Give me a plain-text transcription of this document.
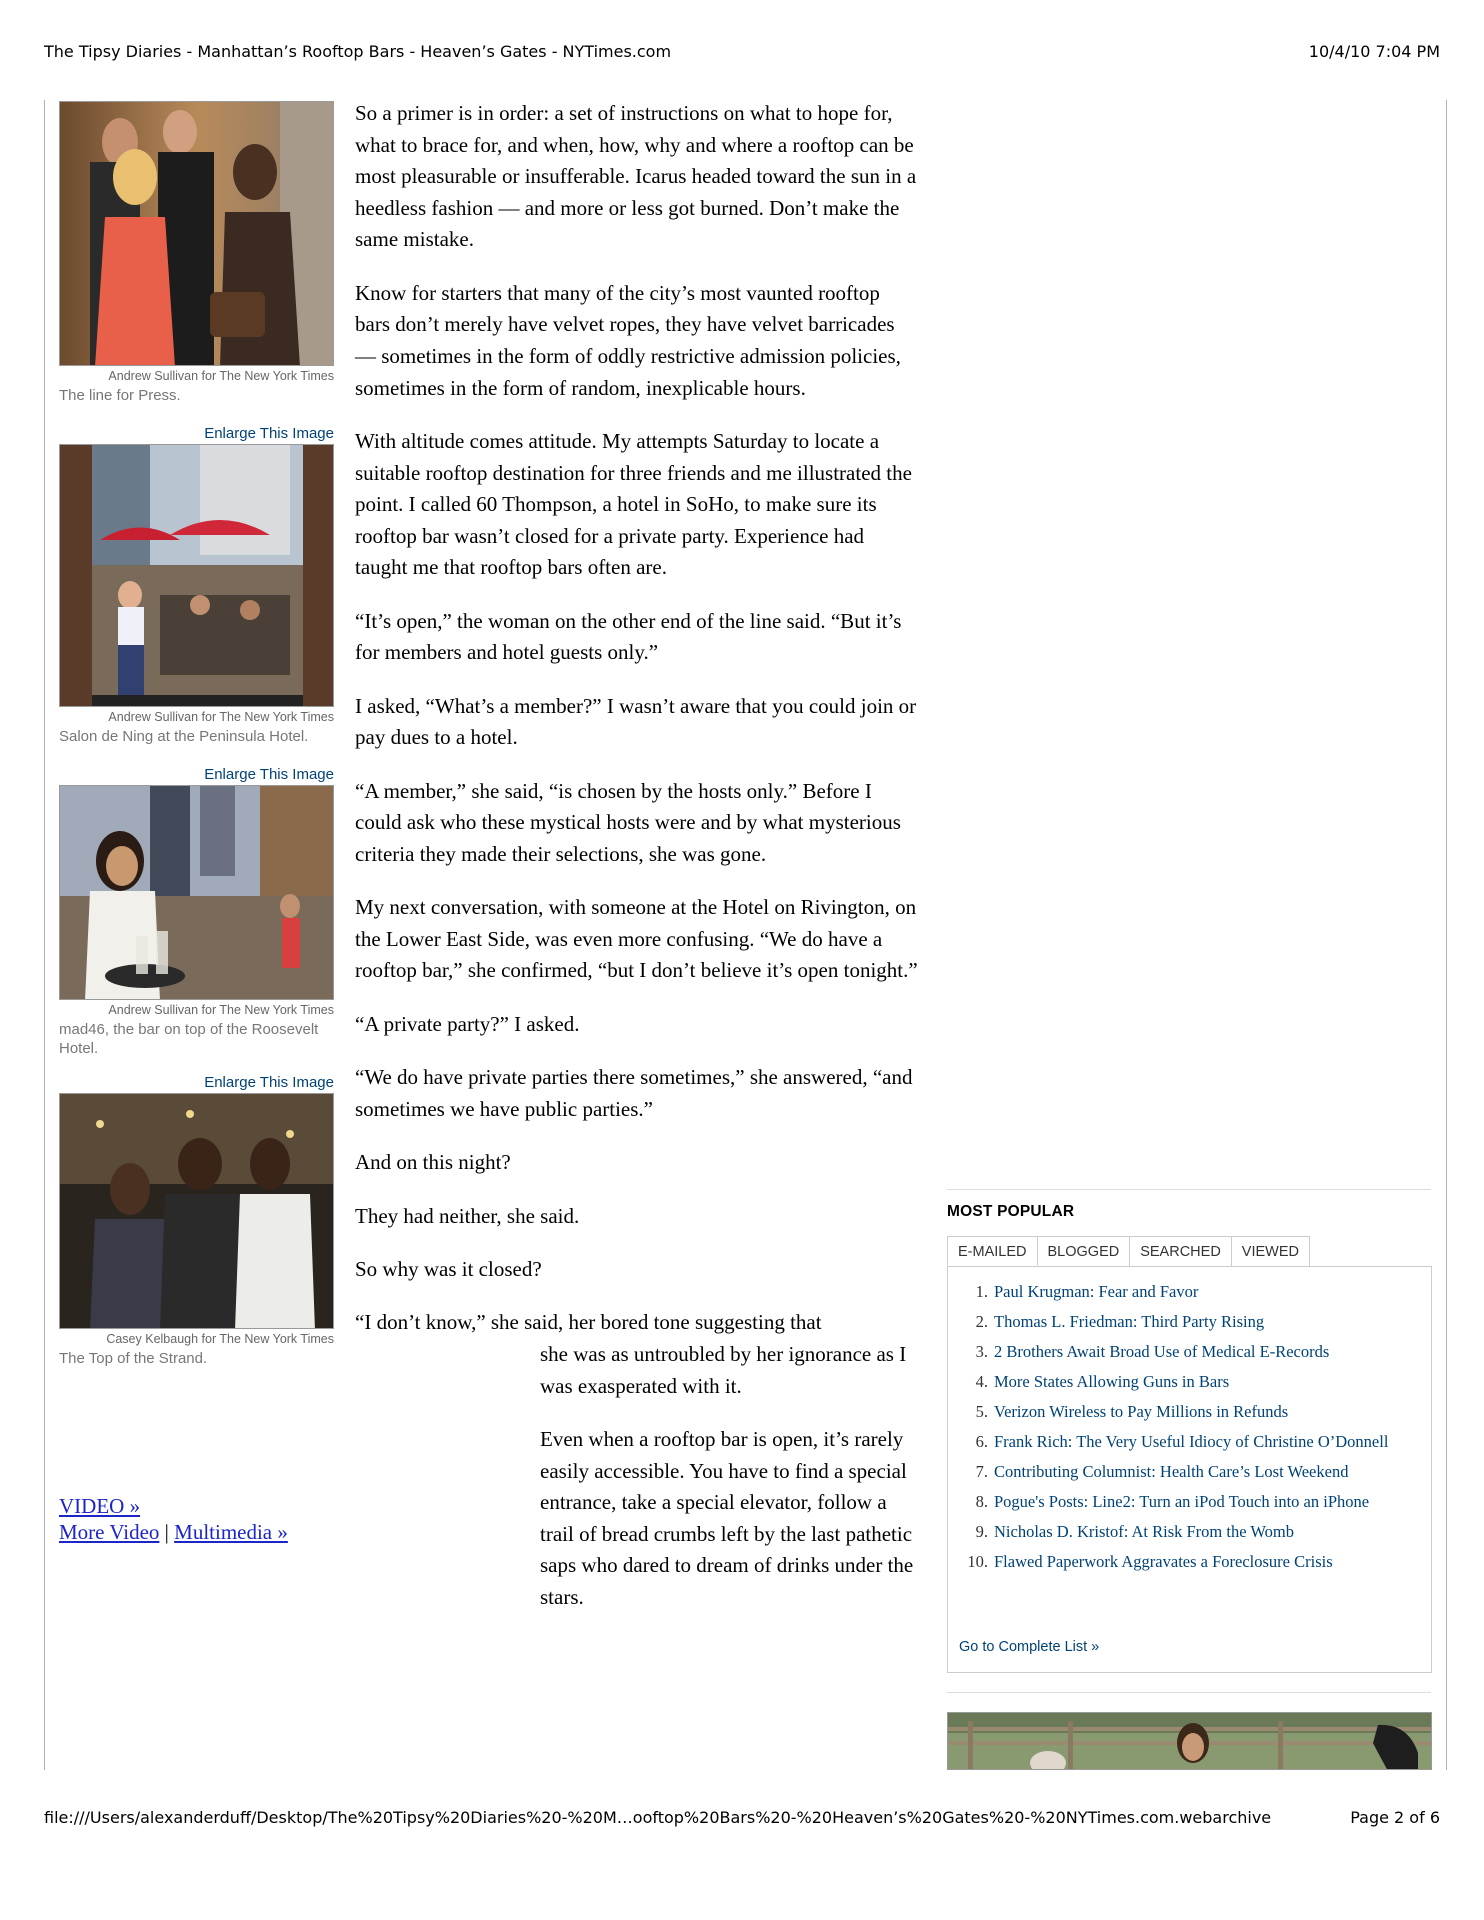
The Tipsy Diaries - Manhattan’s Rooftop Bars - Heaven’s Gates - NYTimes.com	10/4/10 7:04 PM
Andrew Sullivan for The New York Times
The line for Press.
Enlarge This Image
Andrew Sullivan for The New York Times
Salon de Ning at the Peninsula Hotel.
Enlarge This Image
Andrew Sullivan for The New York Times
mad46, the bar on top of the Roosevelt Hotel.
Enlarge This Image
Casey Kelbaugh for The New York Times
The Top of the Strand.
VIDEO »
More Video | Multimedia »

So a primer is in order: a set of instructions on what to hope for, what to brace for, and when, how, why and where a rooftop can be most pleasurable or insufferable. Icarus headed toward the sun in a heedless fashion — and more or less got burned. Don’t make the same mistake.

Know for starters that many of the city’s most vaunted rooftop bars don’t merely have velvet ropes, they have velvet barricades — sometimes in the form of oddly restrictive admission policies, sometimes in the form of random, inexplicable hours.

With altitude comes attitude. My attempts Saturday to locate a suitable rooftop destination for three friends and me illustrated the point. I called 60 Thompson, a hotel in SoHo, to make sure its rooftop bar wasn’t closed for a private party. Experience had taught me that rooftop bars often are.

“It’s open,” the woman on the other end of the line said. “But it’s for members and hotel guests only.”

I asked, “What’s a member?” I wasn’t aware that you could join or pay dues to a hotel.

“A member,” she said, “is chosen by the hosts only.” Before I could ask who these mystical hosts were and by what mysterious criteria they made their selections, she was gone.

My next conversation, with someone at the Hotel on Rivington, on the Lower East Side, was even more confusing. “We do have a rooftop bar,” she confirmed, “but I don’t believe it’s open tonight.”

“A private party?” I asked.

“We do have private parties there sometimes,” she answered, “and sometimes we have public parties.”

And on this night?

They had neither, she said.

So why was it closed?

“I don’t know,” she said, her bored tone suggesting that
she was as untroubled by her ignorance as I was exasperated with it.

Even when a rooftop bar is open, it’s rarely easily accessible. You have to find a special entrance, take a special elevator, follow a trail of bread crumbs left by the last pathetic saps who dared to dream of drinks under the stars.

MOST POPULAR
E-MAILED	BLOGGED	SEARCHED	VIEWED
1. Paul Krugman: Fear and Favor
2. Thomas L. Friedman: Third Party Rising
3. 2 Brothers Await Broad Use of Medical E-Records
4. More States Allowing Guns in Bars
5. Verizon Wireless to Pay Millions in Refunds
6. Frank Rich: The Very Useful Idiocy of Christine O’Donnell
7. Contributing Columnist: Health Care’s Lost Weekend
8. Pogue's Posts: Line2: Turn an iPod Touch into an iPhone
9. Nicholas D. Kristof: At Risk From the Womb
10. Flawed Paperwork Aggravates a Foreclosure Crisis
Go to Complete List »
file:///Users/alexanderduff/Desktop/The%20Tipsy%20Diaries%20-%20M…ooftop%20Bars%20-%20Heaven’s%20Gates%20-%20NYTimes.com.webarchive	Page 2 of 6
